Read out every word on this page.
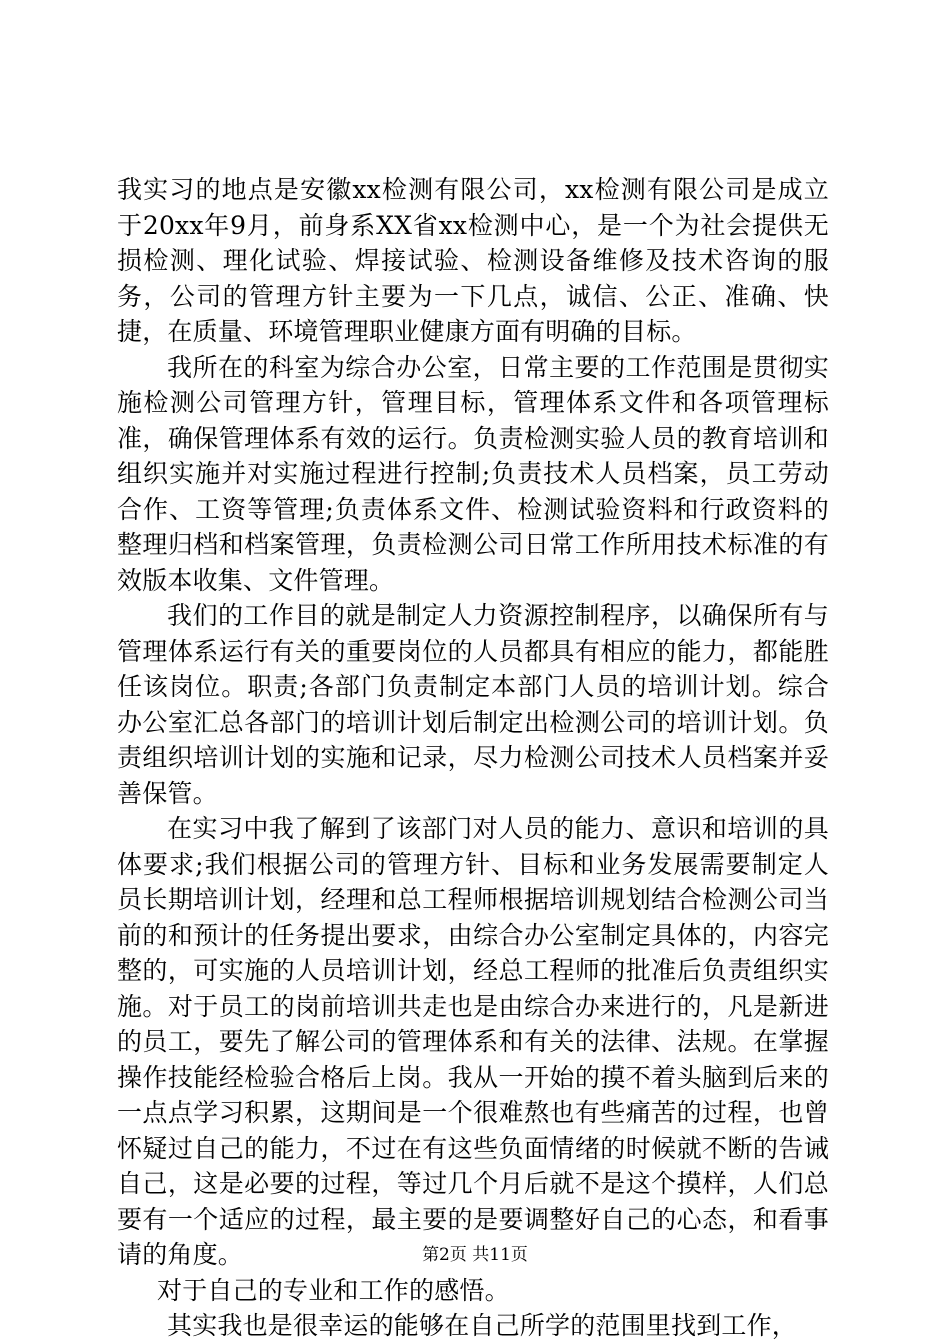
我实习的地点是安徽xx检测有限公司，xx检测有限公司是成立于20xx年9月，前身系XX省xx检测中心，是一个为社会提供无损检测、理化试验、焊接试验、检测设备维修及技术咨询的服务，公司的管理方针主要为一下几点，诚信、公正、准确、快捷，在质量、环境管理职业健康方面有明确的目标。

我所在的科室为综合办公室，日常主要的工作范围是贯彻实施检测公司管理方针，管理目标，管理体系文件和各项管理标准，确保管理体系有效的运行。负责检测实验人员的教育培训和组织实施并对实施过程进行控制;负责技术人员档案，员工劳动合作、工资等管理;负责体系文件、检测试验资料和行政资料的整理归档和档案管理，负责检测公司日常工作所用技术标准的有效版本收集、文件管理。

我们的工作目的就是制定人力资源控制程序，以确保所有与管理体系运行有关的重要岗位的人员都具有相应的能力，都能胜任该岗位。职责;各部门负责制定本部门人员的培训计划。综合办公室汇总各部门的培训计划后制定出检测公司的培训计划。负责组织培训计划的实施和记录，尽力检测公司技术人员档案并妥善保管。

在实习中我了解到了该部门对人员的能力、意识和培训的具体要求;我们根据公司的管理方针、目标和业务发展需要制定人员长期培训计划，经理和总工程师根据培训规划结合检测公司当前的和预计的任务提出要求，由综合办公室制定具体的，内容完整的，可实施的人员培训计划，经总工程师的批准后负责组织实施。对于员工的岗前培训共走也是由综合办来进行的，凡是新进的员工，要先了解公司的管理体系和有关的法律、法规。在掌握操作技能经检验合格后上岗。我从一开始的摸不着头脑到后来的一点点学习积累，这期间是一个很难熬也有些痛苦的过程，也曾怀疑过自己的能力，不过在有这些负面情绪的时候就不断的告诫自己，这是必要的过程，等过几个月后就不是这个摸样，人们总要有一个适应的过程，最主要的是要调整好自己的心态，和看事请的角度。

对于自己的专业和工作的感悟。

其实我也是很幸运的能够在自己所学的范围里找到工作，

第2页 共11页
